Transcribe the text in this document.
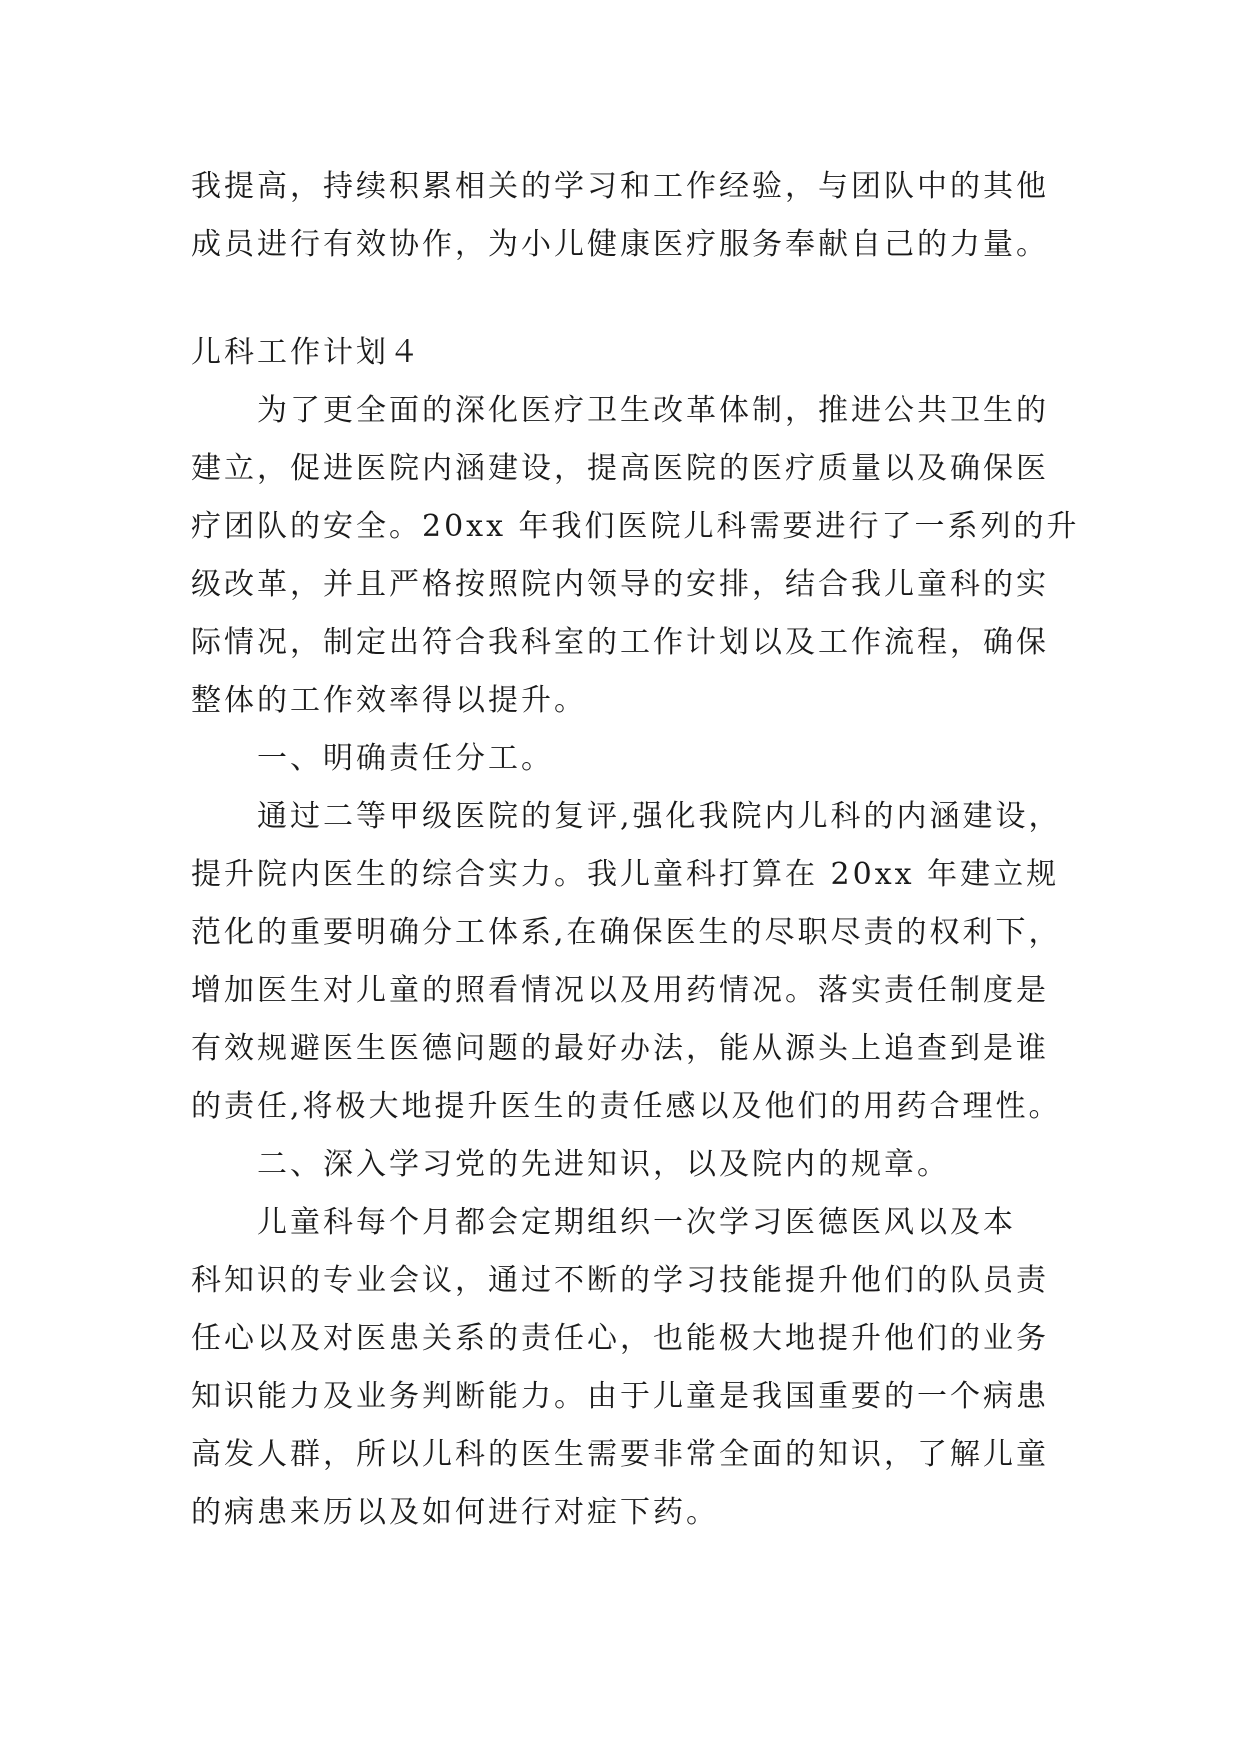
我提高，持续积累相关的学习和工作经验，与团队中的其他
成员进行有效协作，为小儿健康医疗服务奉献自己的力量。
儿科工作计划４
为了更全面的深化医疗卫生改革体制，推进公共卫生的
建立，促进医院内涵建设，提高医院的医疗质量以及确保医
疗团队的安全。20xx 年我们医院儿科需要进行了一系列的升
级改革，并且严格按照院内领导的安排，结合我儿童科的实
际情况，制定出符合我科室的工作计划以及工作流程，确保
整体的工作效率得以提升。
一、明确责任分工。
通过二等甲级医院的复评,强化我院内儿科的内涵建设，
提升院内医生的综合实力。我儿童科打算在 20xx 年建立规
范化的重要明确分工体系,在确保医生的尽职尽责的权利下，
增加医生对儿童的照看情况以及用药情况。落实责任制度是
有效规避医生医德问题的最好办法，能从源头上追查到是谁
的责任,将极大地提升医生的责任感以及他们的用药合理性。
二、深入学习党的先进知识，以及院内的规章。
儿童科每个月都会定期组织一次学习医德医风以及本
科知识的专业会议，通过不断的学习技能提升他们的队员责
任心以及对医患关系的责任心，也能极大地提升他们的业务
知识能力及业务判断能力。由于儿童是我国重要的一个病患
高发人群，所以儿科的医生需要非常全面的知识，了解儿童
的病患来历以及如何进行对症下药。
